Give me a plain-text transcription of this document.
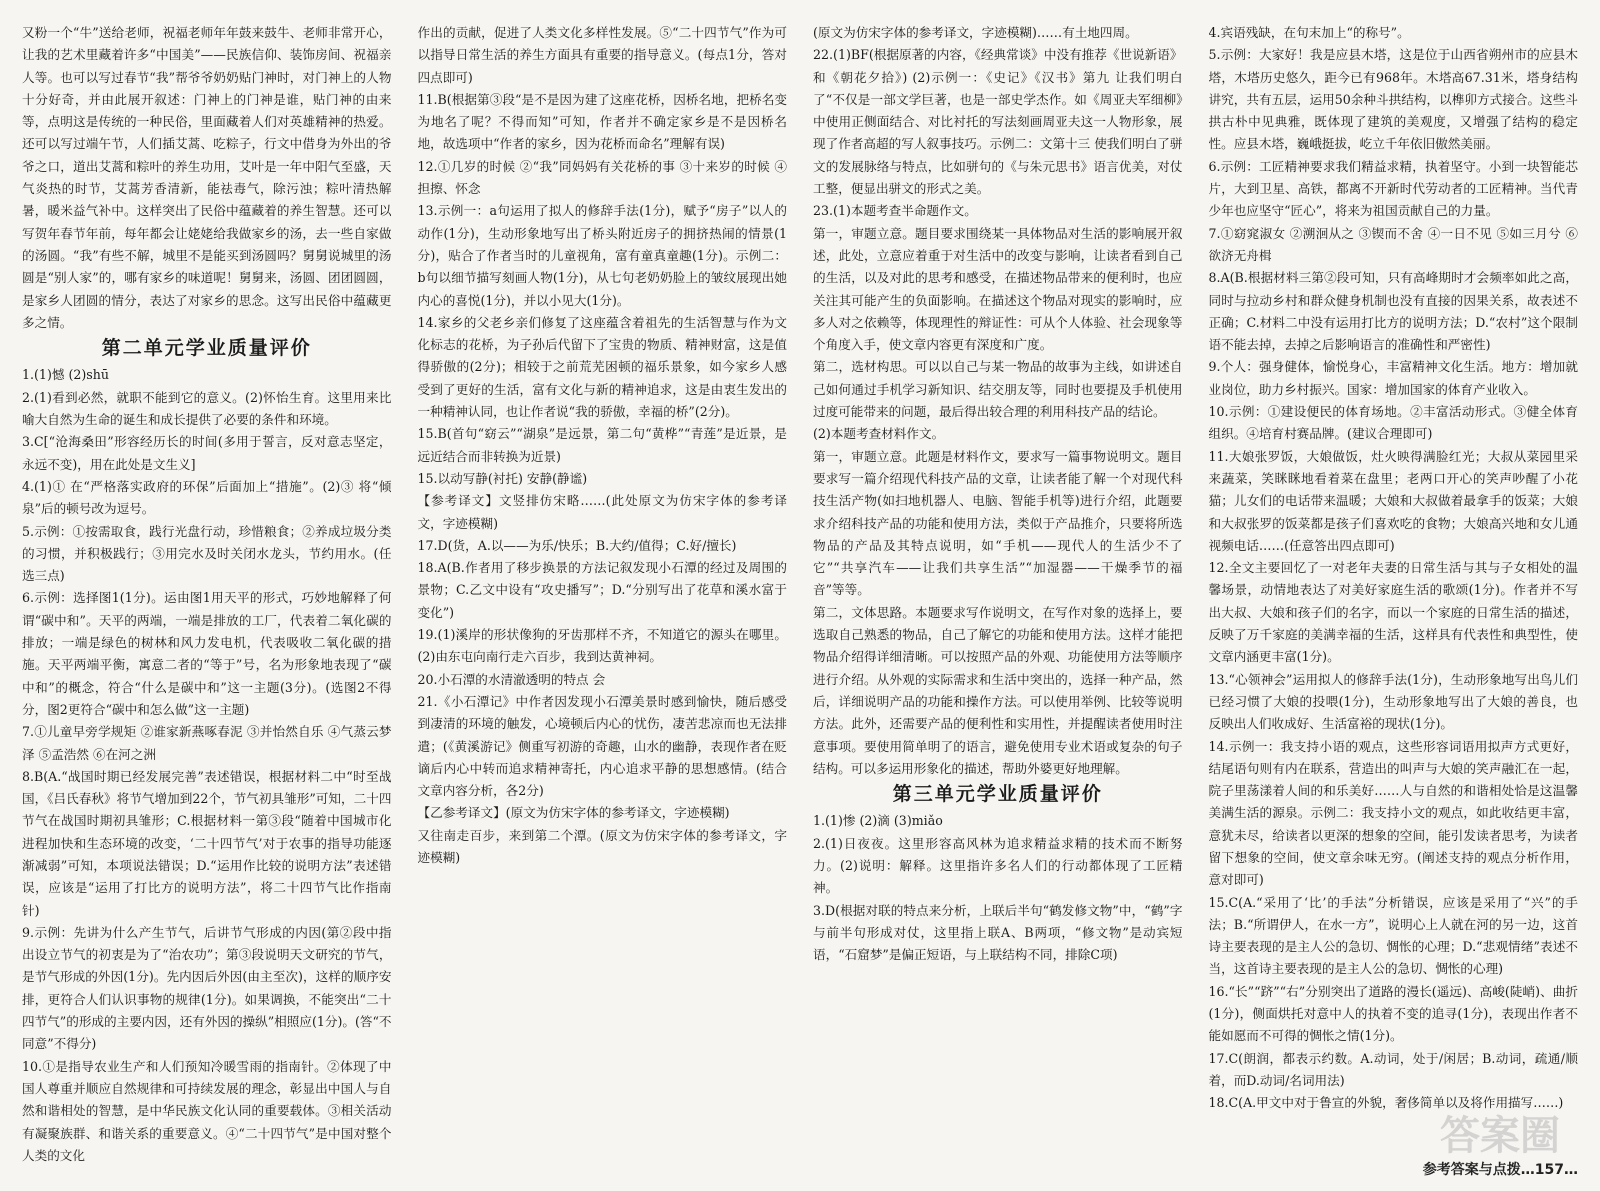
又粉一个“牛”送给老师，祝福老师年年鼓来鼓牛、老师非常开心，让我的艺术里藏着许多“中国美”——民族信仰、装饰房间、祝福亲人等。也可以写过春节“我”帮爷爷奶奶贴门神时，对门神上的人物十分好奇，并由此展开叙述：门神上的门神是谁，贴门神的由来等，点明这是传统的一种民俗，里面藏着人们对英雄精神的热爱。还可以写过端午节，人们插艾蒿、吃粽子，行文中借身为外出的爷爷之口，道出艾蒿和粽叶的养生功用，艾叶是一年中阳气至盛，天气炎热的时节，艾蒿芳香清新，能祛毒气，除污浊；粽叶清热解暑，暖米益气补中。这样突出了民俗中蕴藏着的养生智慧。还可以写贺年春节年前，每年都会让姥姥给我做家乡的汤，去一些自家做的汤圆。“我”有些不解，城里不是能买到汤圆吗？舅舅说城里的汤圆是“别人家”的，哪有家乡的味道呢！舅舅来，汤圆、团团圆圆，是家乡人团圆的情分，表达了对家乡的思念。这写出民俗中蕴藏更多之情。

第二单元学业质量评价

1.(1)憾 (2)shū

2.(1)看到必然，就职不能到它的意义。(2)怀怡生育。这里用来比喻大自然为生命的诞生和成长提供了必要的条件和环境。

3.C[“沧海桑田”形容经历长的时间(多用于誓言，反对意志坚定，永远不变)，用在此处是文生义]

4.(1)① 在“严格落实政府的环保”后面加上“措施”。(2)③ 将“倾泉”后的顿号改为逗号。

5.示例：①按需取食，践行光盘行动，珍惜粮食；②养成垃圾分类的习惯，并积极践行；③用完水及时关闭水龙头，节约用水。(任选三点)

6.示例：选择图1(1分)。运由图1用天平的形式，巧妙地解释了何谓“碳中和”。天平的两端，一端是排放的工厂，代表着二氧化碳的排放；一端是绿色的树林和风力发电机，代表吸收二氧化碳的措施。天平两端平衡，寓意二者的“等于”号，名为形象地表现了“碳中和”的概念，符合“什么是碳中和”这一主题(3分)。(选图2不得分，图2更符合“碳中和怎么做”这一主题)

7.①儿童早旁学规矩 ②谁家新燕啄春泥 ③并怡然自乐 ④气蒸云梦泽 ⑤孟浩然 ⑥在河之洲

8.B(A.“战国时期已经发展完善”表述错误，根据材料二中“时至战国，《吕氏春秋》将节气增加到22个，节气初具雏形”可知，二十四节气在战国时期初具雏形；C.根据材料一第③段“随着中国城市化进程加快和生态环境的改变，‘二十四节气’对于农事的指导功能逐渐减弱”可知，本项说法错误；D.“运用作比较的说明方法”表述错误，应该是“运用了打比方的说明方法”，将二十四节气比作指南针)

9.示例：先讲为什么产生节气，后讲节气形成的内因(第②段中指出设立节气的初衷是为了“治农功”；第③段说明天文研究的节气，是节气形成的外因(1分)。先内因后外因(由主至次)，这样的顺序安排，更符合人们认识事物的规律(1分)。如果调换，不能突出“二十四节气”的形成的主要内因，还有外因的操纵”相照应(1分)。(答“不同意”不得分)

10.①是指导农业生产和人们预知冷暖雪雨的指南针。②体现了中国人尊重并顺应自然规律和可持续发展的理念，彰显出中国人与自然和谐相处的智慧，是中华民族文化认同的重要载体。③相关活动有凝聚族群、和谐关系的重要意义。④“二十四节气”是中国对整个人类的文化

作出的贡献，促进了人类文化多样性发展。⑤“二十四节气”作为可以指导日常生活的养生方面具有重要的指导意义。(每点1分，答对四点即可)

11.B(根据第③段“是不是因为建了这座花桥，因桥名地，把桥名变为地名了呢？不得而知”可知，作者并不确定家乡是不是因桥名地，故选项中“作者的家乡，因为花桥而命名”理解有误)

12.①几岁的时候 ②“我”同妈妈有关花桥的事 ③十来岁的时候 ④担擦、怀念

13.示例一：a句运用了拟人的修辞手法(1分)，赋予“房子”以人的动作(1分)，生动形象地写出了桥头附近房子的拥挤热闹的情景(1分)，贴合了作者当时的儿童视角，富有童真童趣(1分)。示例二：b句以细节描写刻画人物(1分)，从七句老奶奶脸上的皱纹展现出她内心的喜悦(1分)，并以小见大(1分)。

14.家乡的父老乡亲们修复了这座蕴含着祖先的生活智慧与作为文化标志的花桥，为子孙后代留下了宝贵的物质、精神财富，这是值得骄傲的(2分)；相较于之前荒芜困顿的福乐景象，如今家乡人感受到了更好的生活，富有文化与新的精神追求，这是由衷生发出的一种精神认同，也让作者说“我的骄傲，幸福的桥”(2分)。

15.B(首句“窈云”“湖泉”是远景，第二句“黄桦”“青莲”是近景，是远近结合而非转换为近景)

15.以动写静(衬托) 安静(静谧)

【参考译文】文竖排仿宋略……(此处原文为仿宋字体的参考译文，字迹模糊)

17.D(货，A.以——为乐/快乐；B.大约/值得；C.好/擅长)

18.A(B.作者用了移步换景的方法记叙发现小石潭的经过及周围的景物；C.乙文中设有“攻史播写”；D.“分别写出了花草和溪水富于变化”)

19.(1)溪岸的形状像狗的牙齿那样不齐，不知道它的源头在哪里。(2)由东屯向南行走六百步，我到达黄神祠。

20.小石潭的水清澈透明的特点 会

21.《小石潭记》中作者因发现小石潭美景时感到愉快，随后感受到凄清的环境的触发，心境顿后内心的忧伤，凄苦悲凉而也无法排遣；(《黄溪游记》侧重写初游的奇趣，山水的幽静，表现作者在贬谪后内心中转而追求精神寄托，内心追求平静的思想感情。(结合文章内容分析，各2分)

【乙参考译文】(原文为仿宋字体的参考译文，字迹模糊)

又往南走百步，来到第二个潭。(原文为仿宋字体的参考译文，字迹模糊)

(原文为仿宋字体的参考译文，字迹模糊)……有土地四周。

22.(1)BF(根据原著的内容，《经典常谈》中没有推荐《世说新语》和《朝花夕拾》) (2)示例一：《史记》《汉书》第九 让我们明白了“不仅是一部文学巨著，也是一部史学杰作。如《周亚夫军细柳》中使用正侧面结合、对比衬托的写法刻画周亚夫这一人物形象，展现了作者高超的写人叙事技巧。示例二：文第十三 使我们明白了骈文的发展脉络与特点，比如骈句的《与朱元思书》语言优美，对仗工整，便显出骈文的形式之美。

23.(1)本题考查半命题作文。

第一，审题立意。题目要求围绕某一具体物品对生活的影响展开叙述，此处，立意应着重于对生活中的改变与影响，让读者看到自己的生活，以及对此的思考和感受，在描述物品带来的便利时，也应关注其可能产生的负面影响。在描述这个物品对现实的影响时，应多人对之依赖等，体现理性的辩证性：可从个人体验、社会现象等个角度入手，使文章内容更有深度和广度。

第二，选材构思。可以以自己与某一物品的故事为主线，如讲述自己如何通过手机学习新知识、结交朋友等，同时也要提及手机使用过度可能带来的问题，最后得出较合理的利用科技产品的结论。

(2)本题考查材料作文。

第一，审题立意。此题是材料作文，要求写一篇事物说明文。题目要求写一篇介绍现代科技产品的文章，让读者能了解一个对现代科技生活产物(如扫地机器人、电脑、智能手机等)进行介绍，此题要求介绍科技产品的功能和使用方法，类似于产品推介，只要将所选物品的产品及其特点说明，如“手机——现代人的生活少不了它”“共享汽车——让我们共享生活”“加湿器——干燥季节的福音”等等。

第二，文体思路。本题要求写作说明文，在写作对象的选择上，要选取自己熟悉的物品，自己了解它的功能和使用方法。这样才能把物品介绍得详细清晰。可以按照产品的外观、功能使用方法等顺序进行介绍。从外观的实际需求和生活中突出的，选择一种产品，然后，详细说明产品的功能和操作方法。可以使用举例、比较等说明方法。此外，还需要产品的便利性和实用性，并提醒读者使用时注意事项。要使用简单明了的语言，避免使用专业术语或复杂的句子结构。可以多运用形象化的描述，帮助外婆更好地理解。

第三单元学业质量评价

1.(1)惨 (2)滴 (3)miǎo

2.(1)日夜夜。这里形容高风林为追求精益求精的技术而不断努力。(2)说明：解释。这里指许多名人们的行动都体现了工匠精神。

3.D(根据对联的特点来分析，上联后半句“鹤发修文物”中，“鹤”字与前半句形成对仗，这里指上联A、B两项，“修文物”是动宾短语，“石窟梦”是偏正短语，与上联结构不同，排除C项)

4.宾语残缺，在句末加上“的称号”。

5.示例：大家好！我是应县木塔，这是位于山西省朔州市的应县木塔，木塔历史悠久，距今已有968年。木塔高67.31米，塔身结构讲究，共有五层，运用50余种斗拱结构，以榫卯方式接合。这些斗拱古朴中见典雅，既体现了建筑的美观度，又增强了结构的稳定性。应县木塔，巍峨挺拔，屹立千年依旧傲然美丽。

6.示例：工匠精神要求我们精益求精，执着坚守。小到一块智能芯片，大到卫星、高铁，都离不开新时代劳动者的工匠精神。当代青少年也应坚守“匠心”，将来为祖国贡献自己的力量。

7.①窈窕淑女 ②溯洄从之 ③锲而不舍 ④一日不见 ⑤如三月兮 ⑥欲济无舟楫

8.A(B.根据材料三第②段可知，只有高峰期时才会频率如此之高，同时与拉动乡村和群众健身机制也没有直接的因果关系，故表述不正确；C.材料二中没有运用打比方的说明方法；D.“农村”这个限制语不能去掉，去掉之后影响语言的准确性和严密性)

9.个人：强身健体，愉悦身心，丰富精神文化生活。地方：增加就业岗位，助力乡村振兴。国家：增加国家的体育产业收入。

10.示例：①建设便民的体育场地。②丰富活动形式。③健全体育组织。④培育村赛品牌。(建议合理即可)

11.大娘张罗饭，大娘做饭，灶火映得满脸红光；大叔从菜园里采来蔬菜，笑眯眯地看着菜在盘里；老两口开心的笑声吵醒了小花猫；儿女们的电话带来温暖；大娘和大叔做着最拿手的饭菜；大娘和大叔张罗的饭菜都是孩子们喜欢吃的食物；大娘高兴地和女儿通视频电话……(任意答出四点即可)

12.全文主要回忆了一对老年夫妻的日常生活与其与子女相处的温馨场景，动情地表达了对美好家庭生活的歌颂(1分)。作者并不写出大叔、大娘和孩子们的名字，而以一个家庭的日常生活的描述，反映了万千家庭的美满幸福的生活，这样具有代表性和典型性，使文章内涵更丰富(1分)。

13.“心领神会”运用拟人的修辞手法(1分)，生动形象地写出鸟儿们已经习惯了大娘的投喂(1分)，生动形象地写出了大娘的善良，也反映出人们收成好、生活富裕的现状(1分)。

14.示例一：我支持小语的观点，这些形容词语用拟声方式更好，结尾语句则有内在联系，营造出的叫声与大娘的笑声融汇在一起，院子里荡漾着人间的和乐美好……人与自然的和谐相处恰是这温馨美满生活的源泉。示例二：我支持小文的观点，如此收结更丰富，意犹未尽，给读者以更深的想象的空间，能引发读者思考，为读者留下想象的空间，使文章余味无穷。(阐述支持的观点分析作用，意对即可)

15.C(A.“采用了‘比’的手法”分析错误，应该是采用了“兴”的手法；B.“所谓伊人，在水一方”，说明心上人就在河的另一边，这首诗主要表现的是主人公的急切、惆怅的心理；D.“悲观情绪”表述不当，这首诗主要表现的是主人公的急切、惆怅的心理)

16.“长”“跻”“右”分别突出了道路的漫长(遥远)、高峻(陡峭)、曲折(1分)，侧面烘托对意中人的执着不变的追寻(1分)，表现出作者不能如愿而不可得的惆怅之情(1分)。

17.C(朗润，都表示约数。A.动词，处于/闲居；B.动词，疏通/顺着，而D.动词/名词用法)

18.C(A.甲文中对于鲁宣的外貌，奢侈简单以及将作用描写……)

答案圈
参考答案与点拨…157…
